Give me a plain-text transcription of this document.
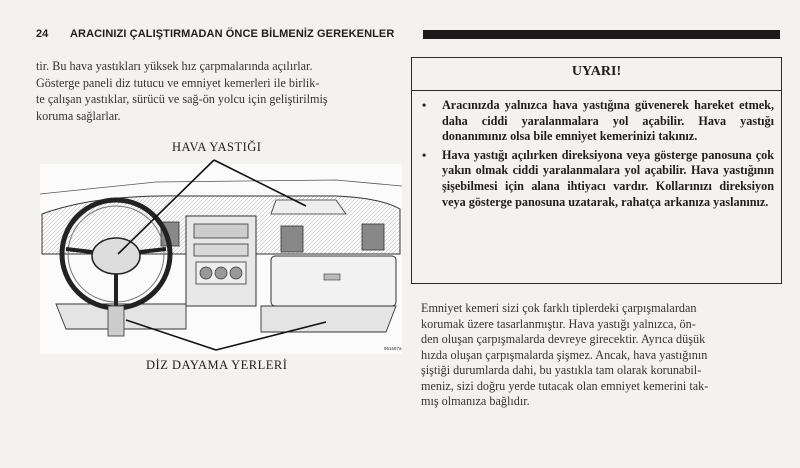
24 ARACINIZI ÇALIŞTIRMADAN ÖNCE BİLMENİZ GEREKENLER
tir. Bu hava yastıkları yüksek hız çarpmalarında açılırlar.
Gösterge paneli diz tutucu ve emniyet kemerleri ile birlik-
te çalışan yastıklar, sürücü ve sağ-ön yolcu için geliştirilmiş
koruma sağlarlar.
HAVA YASTIĞI
951697a
DİZ DAYAMA YERLERİ
UYARI!
• Aracınızda yalnızca hava yastığına güvenerek hareket etmek, daha ciddi yaralanmalara yol açabilir. Hava yastığı donanımınız olsa bile emniyet kemerinizi takınız.
• Hava yastığı açılırken direksiyona veya gösterge panosuna çok yakın olmak ciddi yaralanmalara yol açabilir. Hava yastığının şişebilmesi için alana ihtiyacı vardır. Kollarınızı direksiyon veya gösterge panosuna uzatarak, rahatça arkanıza yaslanınız.
Emniyet kemeri sizi çok farklı tiplerdeki çarpışmalardan
korumak üzere tasarlanmıştır. Hava yastığı yalnızca, ön-
den oluşan çarpışmalarda devreye girecektir. Ayrıca düşük
hızda oluşan çarpışmalarda şişmez. Ancak, hava yastığının
şiştiği durumlarda dahi, bu yastıkla tam olarak korunabil-
meniz, sizi doğru yerde tutacak olan emniyet kemerini tak-
mış olmanıza bağlıdır.
